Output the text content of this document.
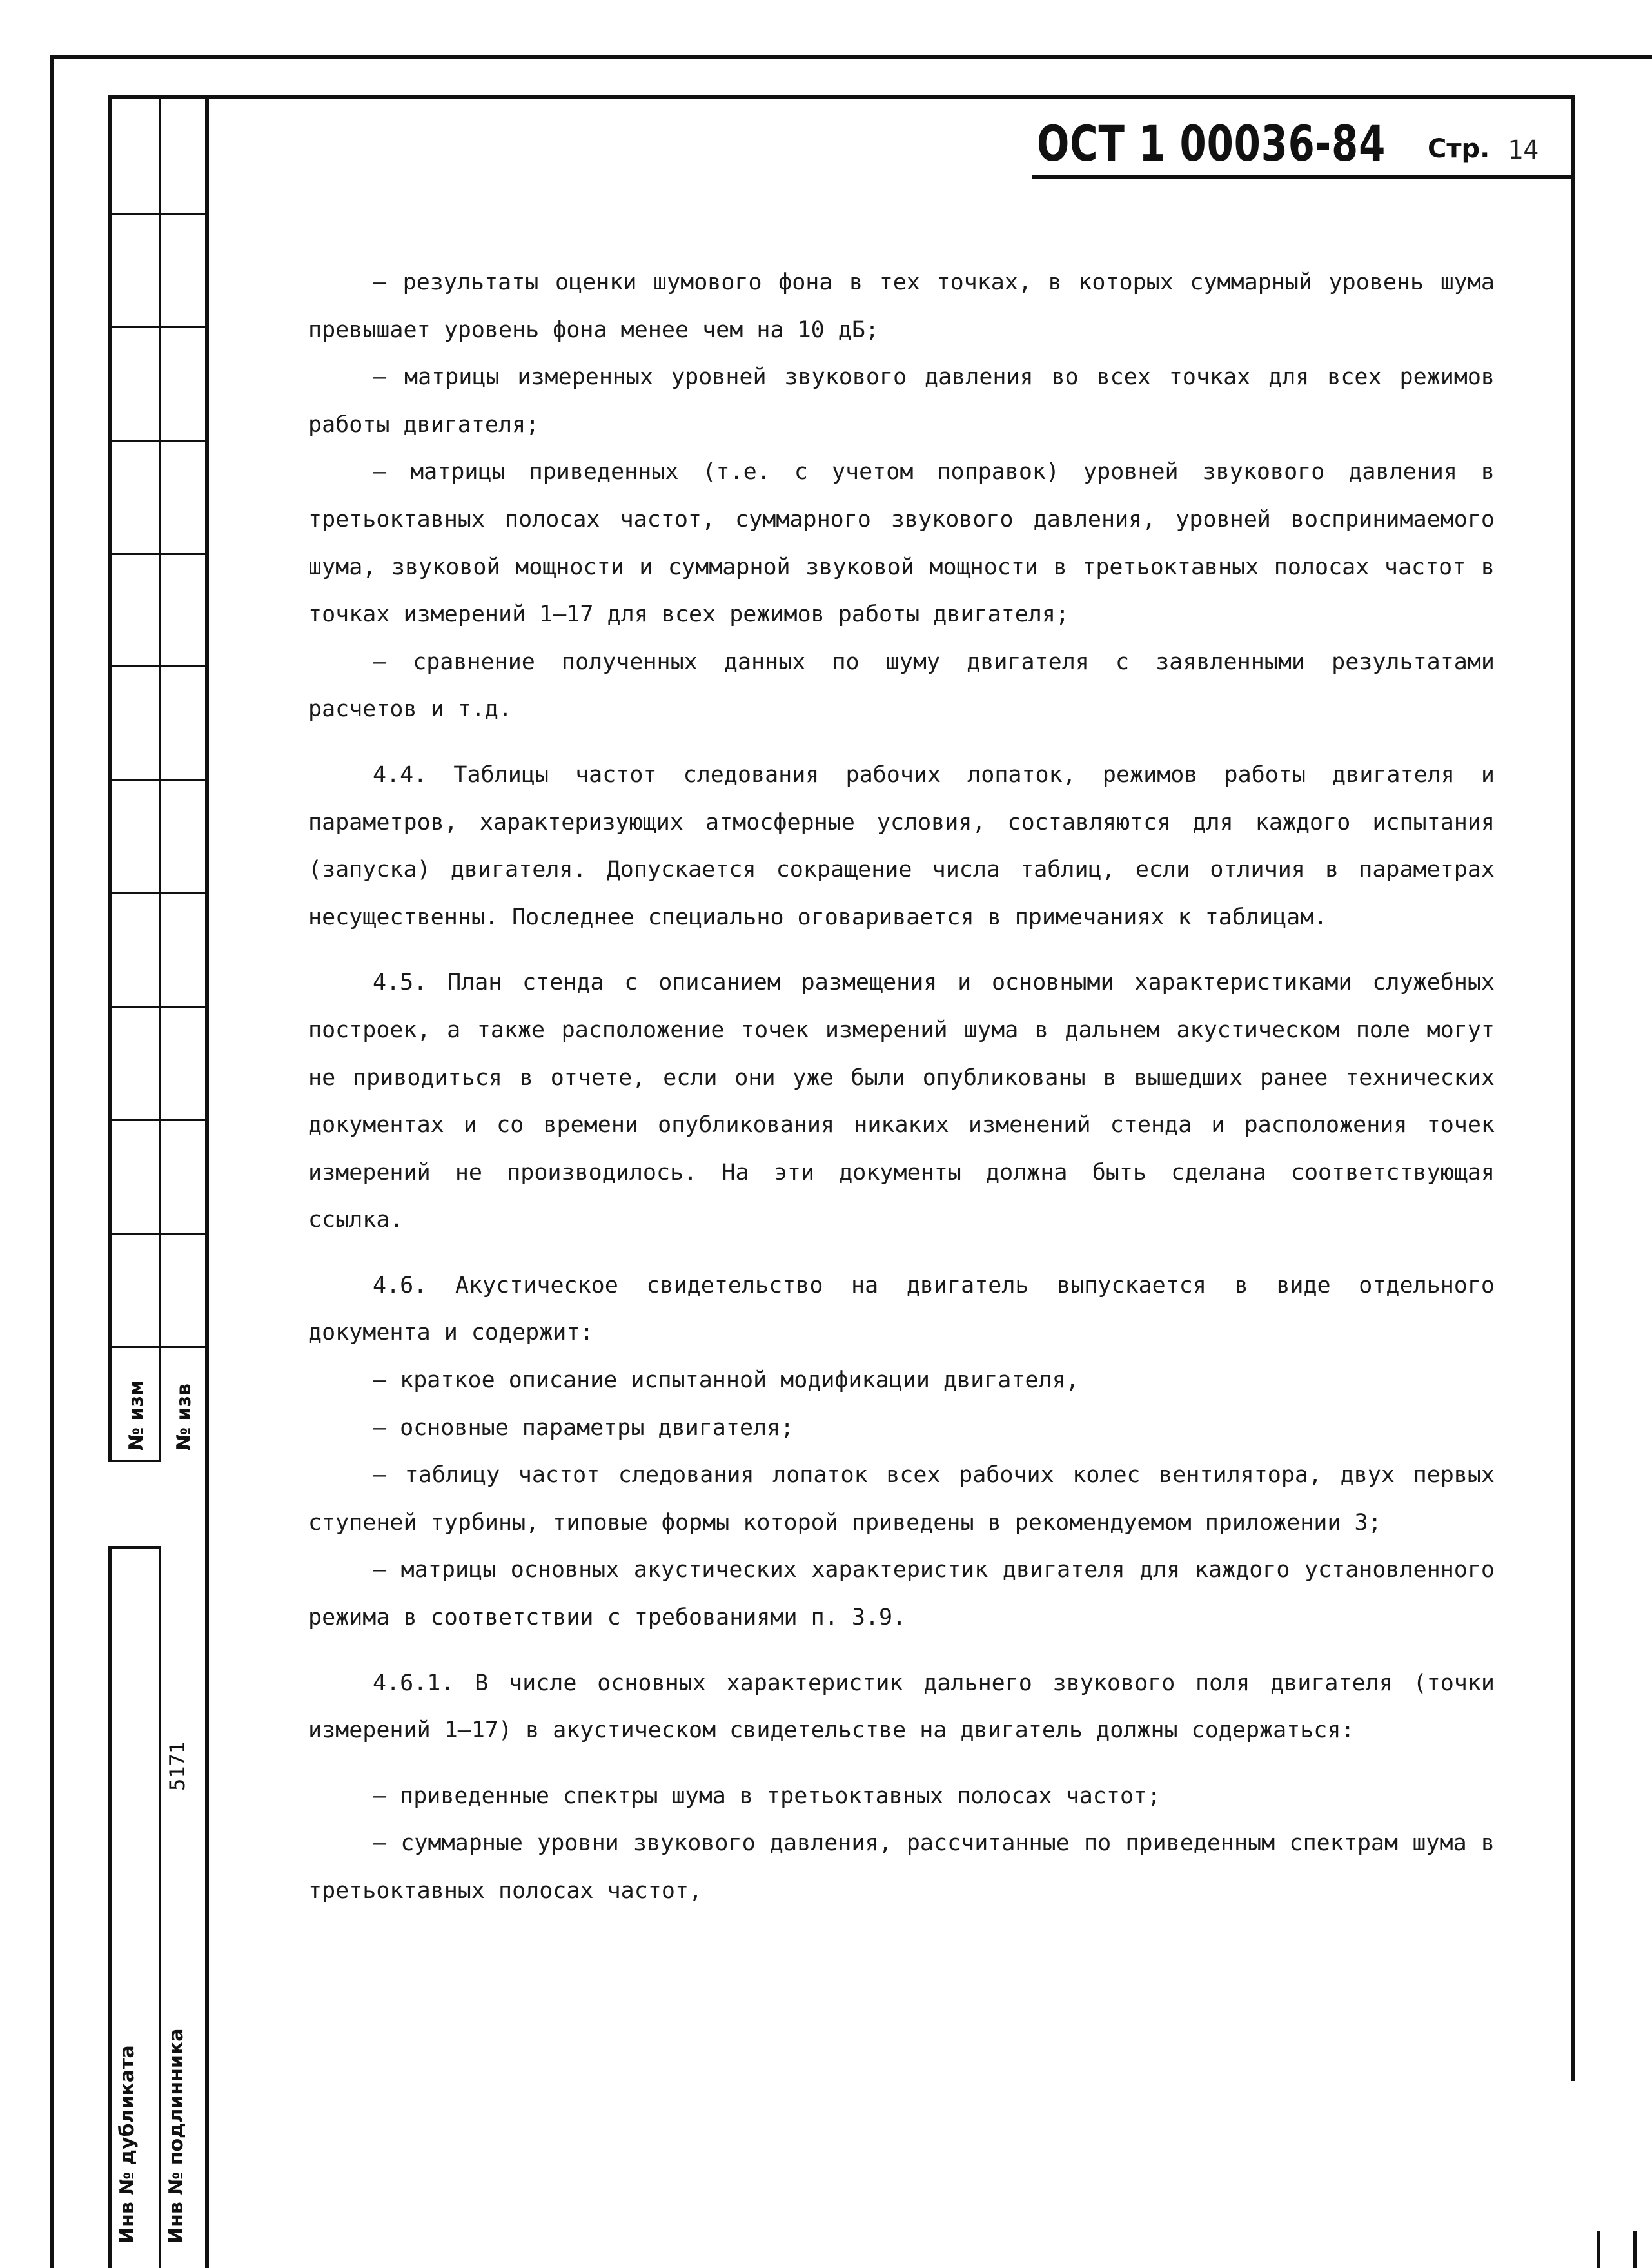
№ изм № изв
5171
Инв № дубликата Инв № подлинника
ОСТ 1 00036-84 Стр. 14

– результаты оценки шумового фона в тех точках, в которых суммарный уровень шума превышает уровень фона менее чем на 10 дБ;

– матрицы измеренных уровней звукового давления во всех точках для всех режимов работы двигателя;

– матрицы приведенных (т.е. с учетом поправок) уровней звукового давления в третьоктавных полосах частот, суммарного звукового давления, уровней воспринимаемого шума, звуковой мощности и суммарной звуковой мощности в третьоктавных полосах частот в точках измерений 1–17 для всех режимов работы двигателя;

– сравнение полученных данных по шуму двигателя с заявленными результатами расчетов и т.д.

4.4. Таблицы частот следования рабочих лопаток, режимов работы двигателя и параметров, характеризующих атмосферные условия, составляются для каждого испытания (запуска) двигателя. Допускается сокращение числа таблиц, если отличия в параметрах несущественны. Последнее специально оговаривается в примечаниях к таблицам.

4.5. План стенда с описанием размещения и основными характеристиками служебных построек, а также расположение точек измерений шума в дальнем акустическом поле могут не приводиться в отчете, если они уже были опубликованы в вышедших ранее технических документах и со времени опубликования никаких изменений стенда и расположения точек измерений не производилось. На эти документы должна быть сделана соответствующая ссылка.

4.6. Акустическое свидетельство на двигатель выпускается в виде отдельного документа и содержит:

– краткое описание испытанной модификации двигателя,

– основные параметры двигателя;

– таблицу частот следования лопаток всех рабочих колес вентилятора, двух первых ступеней турбины, типовые формы которой приведены в рекомендуемом приложении 3;

– матрицы основных акустических характеристик двигателя для каждого установленного режима в соответствии с требованиями п. 3.9.

4.6.1. В числе основных характеристик дальнего звукового поля двигателя (точки измерений 1–17) в акустическом свидетельстве на двигатель должны содержаться:

– приведенные спектры шума в третьоктавных полосах частот;

– суммарные уровни звукового давления, рассчитанные по приведенным спектрам шума в третьоктавных полосах частот,
